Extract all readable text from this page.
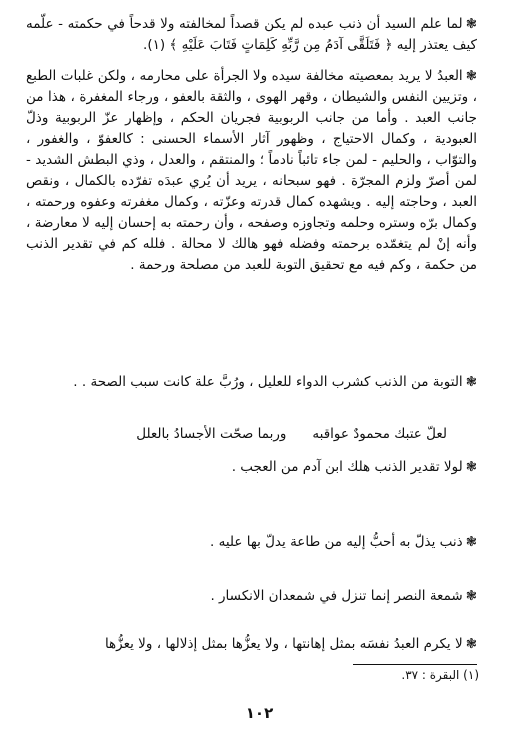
❃لما علم السيد أن ذنب عبده لم يكن قصداً لمخالفته ولا قدحاً في حكمته - علّمه كيف يعتذر إليه ﴿ فَتَلَقَّى آدَمُ مِن رَّبِّهِ كَلِمَاتٍ فَتَابَ عَلَيْهِ ﴾ (١).

❃العبدُ لا يريد بمعصيته مخالفة سيده ولا الجرأة على محارمه ، ولكن غلبات الطبع ، وتزيين النفس والشيطان ، وقهر الهوى ، والثقة بالعفو ، ورجاء المغفرة ، هذا من جانب العبد . وأما من جانب الربوبية فجريان الحكم ، وإظهار عزّ الربوبية وذلّ العبودية ، وكمال الاحتياج ، وظهور آثار الأسماء الحسنى : كالعفوّ ، والغفور ، والتوّاب ، والحليم - لمن جاء تائباً نادماً ؛ والمنتقم ، والعدل ، وذي البطش الشديد - لمن أصرّ ولزم المجرّة . فهو سبحانه ، يريد أن يُري عبدَه تفرّده بالكمال ، ونقص العبد ، وحاجته إليه . ويشهده كمال قدرته وعزّته ، وكمال مغفرته وعفوه ورحمته ، وكمال برّه وستره وحلمه وتجاوزه وصفحه ، وأن رحمته به إحسان إليه لا معارضة ، وأنه إنْ لم يتغمّده برحمته وفضله فهو هالك لا محالة . فلله كم في تقدير الذنب من حكمة ، وكم فيه مع تحقيق التوبة للعبد من مصلحة ورحمة .

❃التوبة من الذنب كشرب الدواء للعليل ، ورُبَّ علة كانت سبب الصحة . .

لعلّ عتبك محمودٌ عواقبهوربما صحّت الأجسادُ بالعلل
❃لولا تقدير الذنب هلك ابن آدم من العجب .
❃ذنب يذلّ به أحبُّ إليه من طاعة يدلّ بها عليه .
❃شمعة النصر إنما تنزل في شمعدان الانكسار .
❃لا يكرم العبدُ نفسَه بمثل إهانتها ، ولا يعزُّها بمثل إذلالها ، ولا يعزُّها
(١) البقرة : ٣٧.
١٠٢
